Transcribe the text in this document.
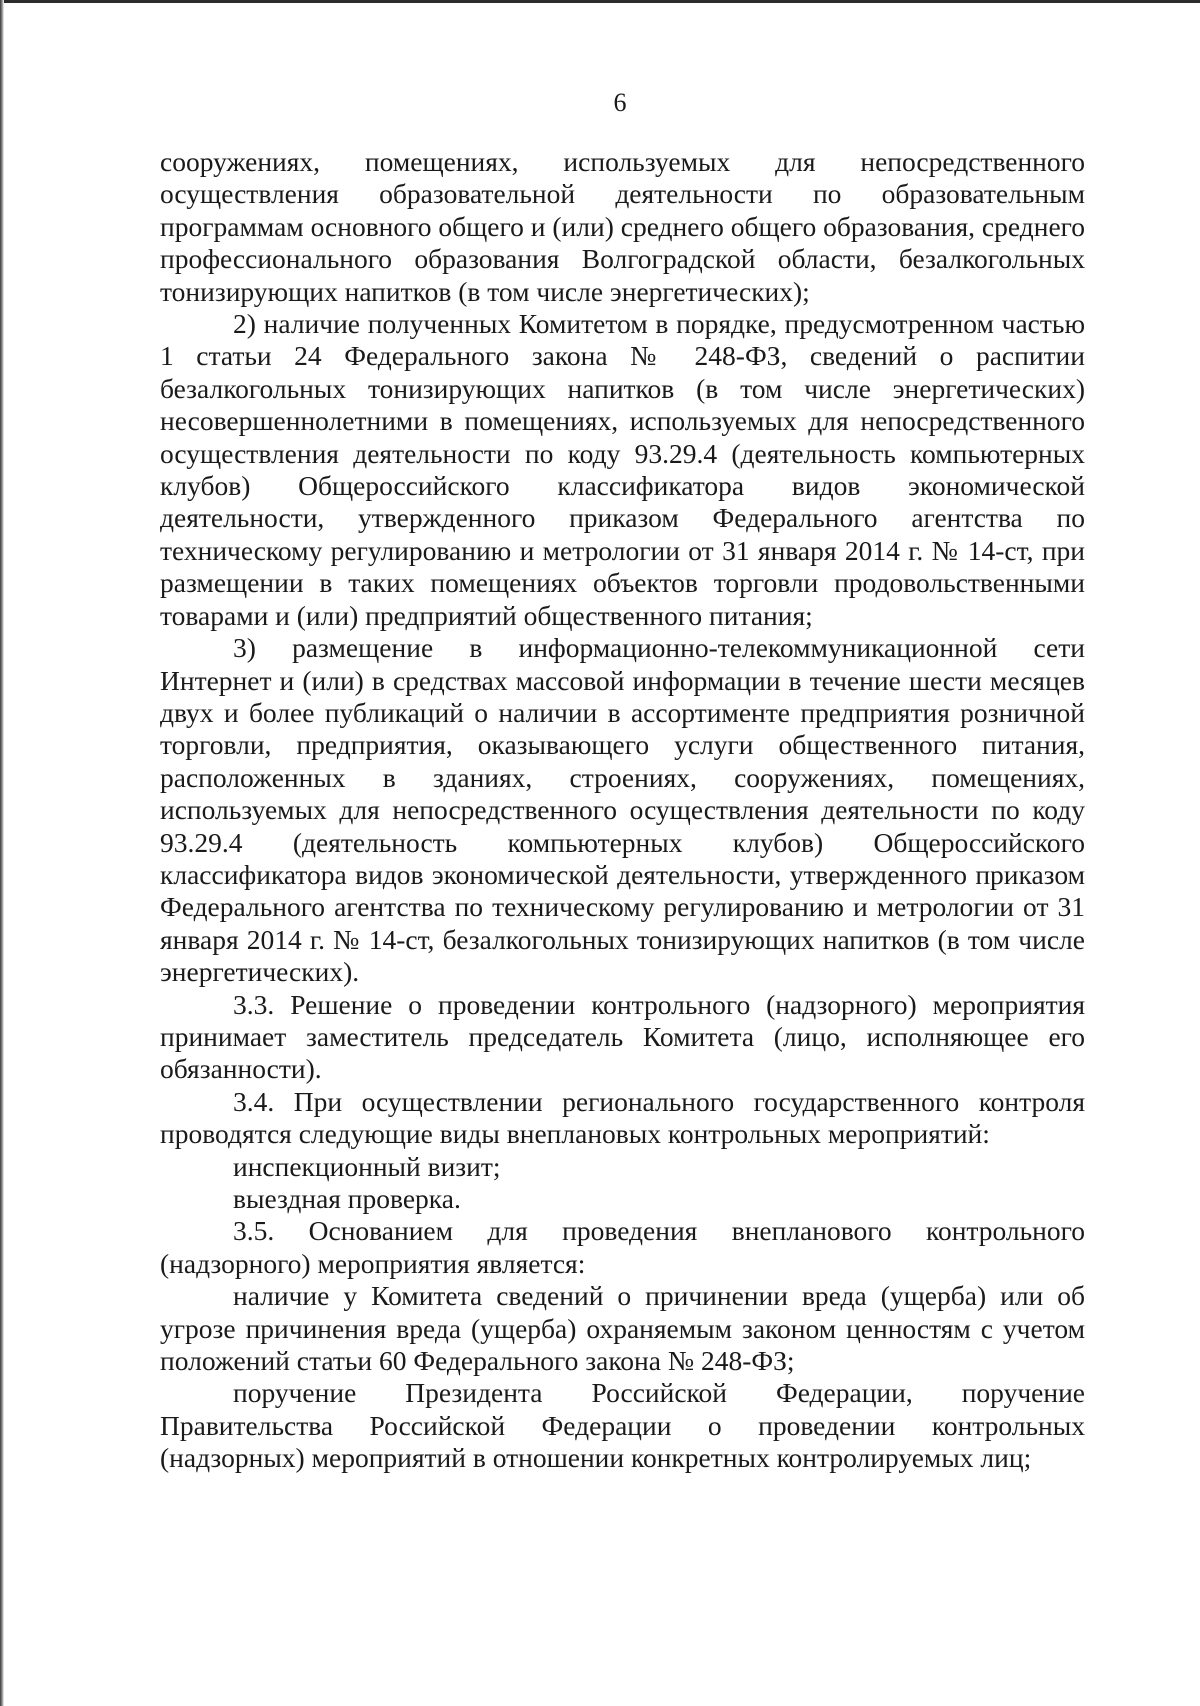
6

сооружениях, помещениях, используемых для непосредственного осуществления образовательной деятельности по образовательным программам основного общего и (или) среднего общего образования, среднего профессионального образования Волгоградской области, безалкогольных тонизирующих напитков (в том числе энергетических);

2) наличие полученных Комитетом в порядке, предусмотренном частью 1 статьи 24 Федерального закона № 248-ФЗ, сведений о распитии безалкогольных тонизирующих напитков (в том числе энергетических) несовершеннолетними в помещениях, используемых для непосредственного осуществления деятельности по коду 93.29.4 (деятельность компьютерных клубов) Общероссийского классификатора видов экономической деятельности, утвержденного приказом Федерального агентства по техническому регулированию и метрологии от 31 января 2014 г. № 14-ст, при размещении в таких помещениях объектов торговли продовольственными товарами и (или) предприятий общественного питания;

3) размещение в информационно-телекоммуникационной сети Интернет и (или) в средствах массовой информации в течение шести месяцев двух и более публикаций о наличии в ассортименте предприятия розничной торговли, предприятия, оказывающего услуги общественного питания, расположенных в зданиях, строениях, сооружениях, помещениях, используемых для непосредственного осуществления деятельности по коду 93.29.4 (деятельность компьютерных клубов) Общероссийского классификатора видов экономической деятельности, утвержденного приказом Федерального агентства по техническому регулированию и метрологии от 31 января 2014 г. № 14-ст, безалкогольных тонизирующих напитков (в том числе энергетических).

3.3. Решение о проведении контрольного (надзорного) мероприятия принимает заместитель председатель Комитета (лицо, исполняющее его обязанности).

3.4. При осуществлении регионального государственного контроля проводятся следующие виды внеплановых контрольных мероприятий:

инспекционный визит;

выездная проверка.

3.5. Основанием для проведения внепланового контрольного (надзорного) мероприятия является:

наличие у Комитета сведений о причинении вреда (ущерба) или об угрозе причинения вреда (ущерба) охраняемым законом ценностям с учетом положений статьи 60 Федерального закона № 248-ФЗ;

поручение Президента Российской Федерации, поручение Правительства Российской Федерации о проведении контрольных (надзорных) мероприятий в отношении конкретных контролируемых лиц;
